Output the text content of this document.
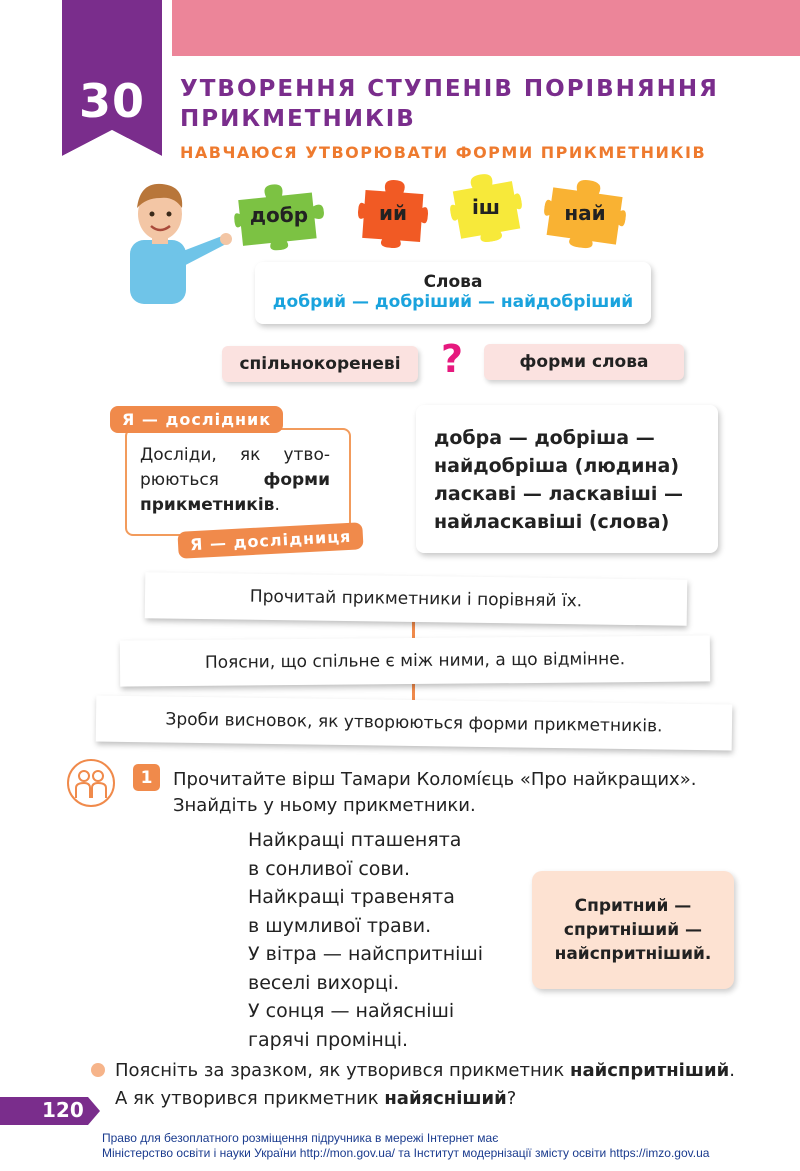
30	УТВОРЕННЯ СТУПЕНІВ ПОРІВНЯННЯ
ПРИКМЕТНИКІВ
НАВЧАЮСЯ УТВОРЮВАТИ ФОРМИ ПРИКМЕТНИКІВ
добр	ий	іш	най
Слова
добрий — добріший — найдобріший
спільнокореневі	?	форми слова
Я — дослідник
Досліди, як утво-рюються	форми прикметників.
Я — дослідниця
добра — добріша —
найдобріша (людина)
ласкаві — ласкавіші —
найласкавіші (слова)
Прочитай прикметники і порівняй їх.
Поясни, що спільне є між ними, а що відмінне.
Зроби висновок, як утворюються форми прикметників.
1	Прочитайте вірш Тамари Коломі́єць «Про найкращих».
Знайдіть у ньому прикметники.
Найкращі пташенята
в сонливої сови.
Найкращі травенята
в шумливої трави.
У вітра — найспритніші
веселі вихорці.
У сонця — найясніші
гарячі промінці.
Спритний —
спритніший —
найспритніший.
Поясніть за зразком, як утворився прикметник найспритніший.
А як утворився прикметник найясніший?
120
Право для безоплатного розміщення підручника в мережі Інтернет має
Міністерство освіти і науки України http://mon.gov.ua/ та Інститут модернізації змісту освіти https://imzo.gov.ua
